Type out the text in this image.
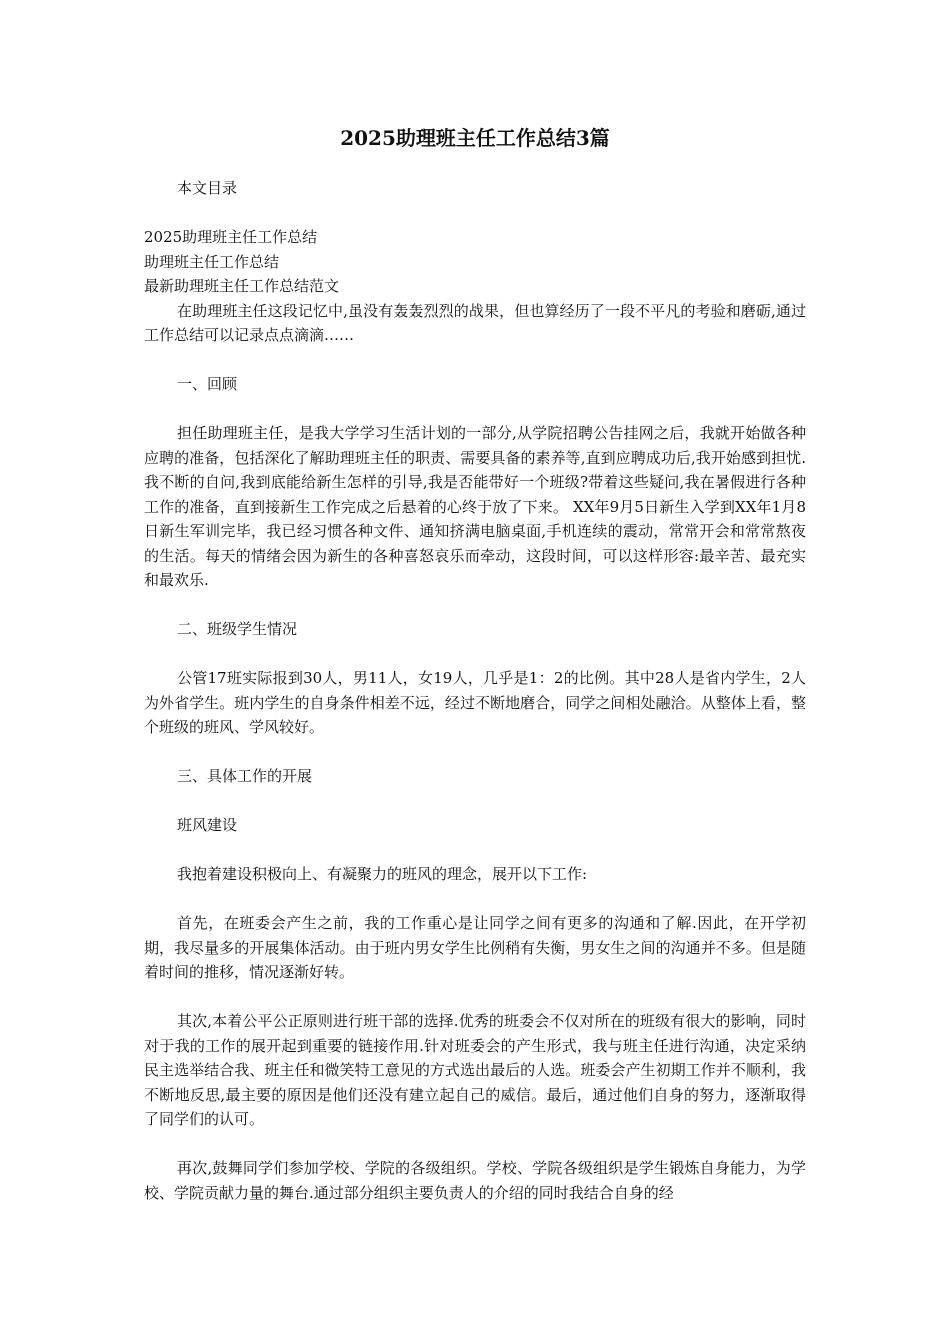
2025助理班主任工作总结3篇

本文目录

2025助理班主任工作总结

助理班主任工作总结

最新助理班主任工作总结范文

在助理班主任这段记忆中,虽没有轰轰烈烈的战果，但也算经历了一段不平凡的考验和磨砺,通过工作总结可以记录点点滴滴……

一、回顾

担任助理班主任，是我大学学习生活计划的一部分,从学院招聘公告挂网之后，我就开始做各种应聘的准备，包括深化了解助理班主任的职责、需要具备的素养等,直到应聘成功后,我开始感到担忧.我不断的自问,我到底能给新生怎样的引导,我是否能带好一个班级?带着这些疑问,我在暑假进行各种工作的准备，直到接新生工作完成之后悬着的心终于放了下来。 XX年9月5日新生入学到XX年1月8日新生军训完毕，我已经习惯各种文件、通知挤满电脑桌面,手机连续的震动，常常开会和常常熬夜的生活。每天的情绪会因为新生的各种喜怒哀乐而牵动，这段时间，可以这样形容:最辛苦、最充实和最欢乐.

二、班级学生情况

公管17班实际报到30人，男11人，女19人，几乎是1：2的比例。其中28人是省内学生，2人为外省学生。班内学生的自身条件相差不远，经过不断地磨合，同学之间相处融洽。从整体上看，整个班级的班风、学风较好。

三、具体工作的开展

班风建设

我抱着建设积极向上、有凝聚力的班风的理念，展开以下工作:

首先，在班委会产生之前，我的工作重心是让同学之间有更多的沟通和了解.因此，在开学初期，我尽量多的开展集体活动。由于班内男女学生比例稍有失衡，男女生之间的沟通并不多。但是随着时间的推移，情况逐渐好转。

其次,本着公平公正原则进行班干部的选择.优秀的班委会不仅对所在的班级有很大的影响，同时对于我的工作的展开起到重要的链接作用.针对班委会的产生形式，我与班主任进行沟通，决定采纳民主选举结合我、班主任和微笑特工意见的方式选出最后的人选。班委会产生初期工作并不顺利，我不断地反思,最主要的原因是他们还没有建立起自己的威信。最后，通过他们自身的努力，逐渐取得了同学们的认可。

再次,鼓舞同学们参加学校、学院的各级组织。学校、学院各级组织是学生锻炼自身能力，为学校、学院贡献力量的舞台.通过部分组织主要负责人的介绍的同时我结合自身的经
